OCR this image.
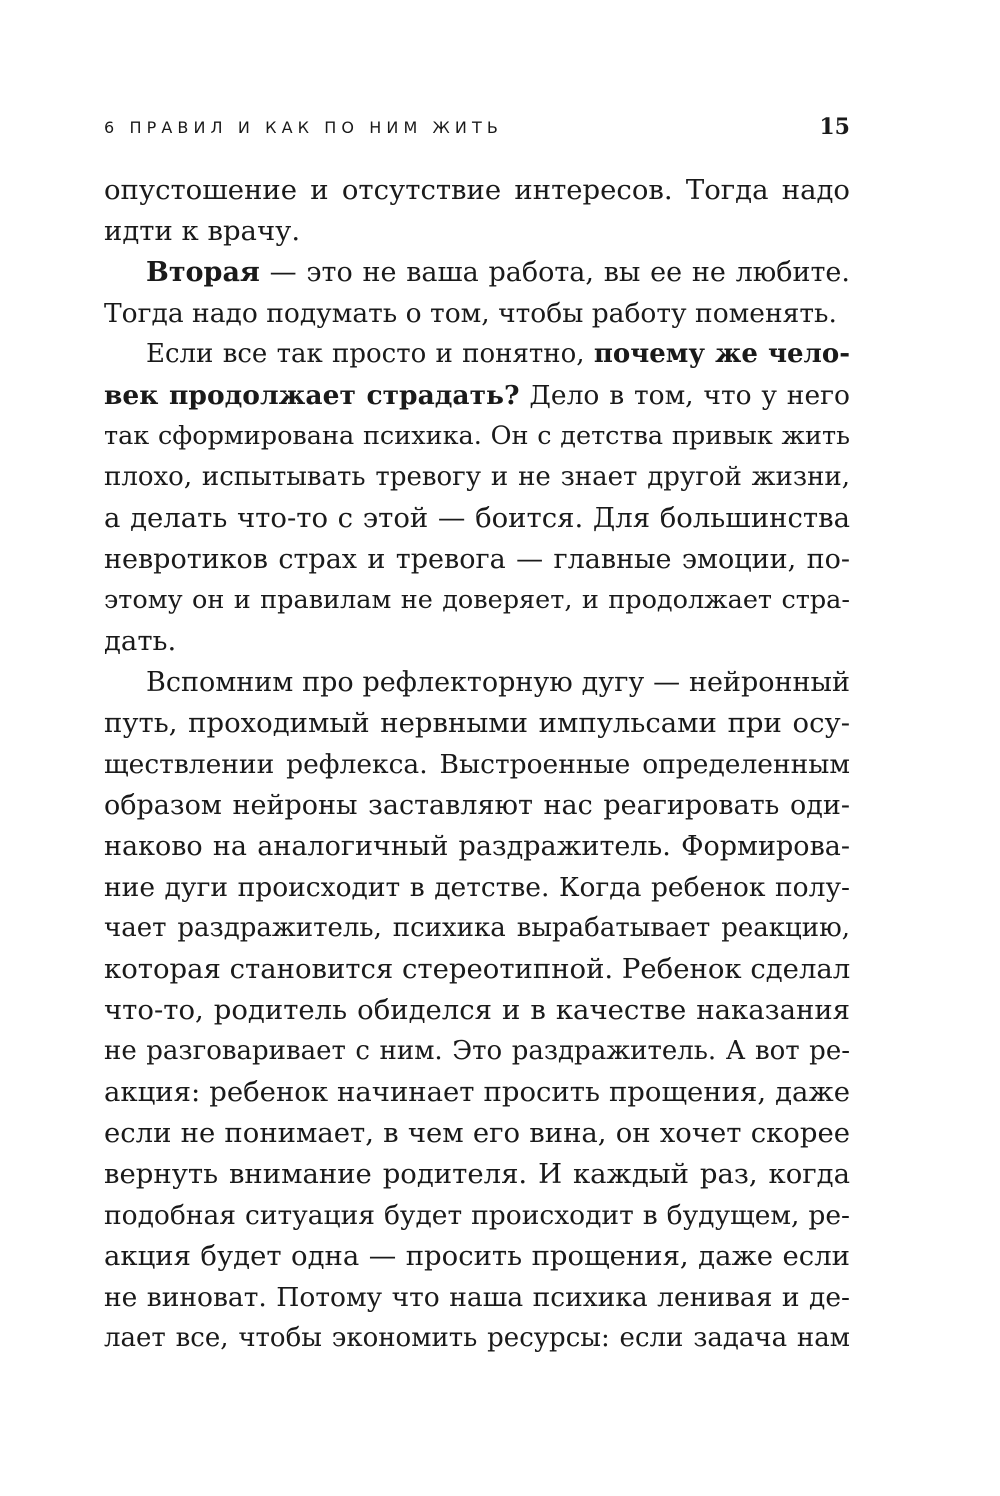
6 ПРАВИЛ И КАК ПО НИМ ЖИТЬ	15
опустошение и отсутствие интересов. Тогда надо
идти к врачу.
Вторая — это не ваша работа, вы ее не любите.
Тогда надо подумать о том, чтобы работу поменять.
Если все так просто и понятно, почему же чело-
век продолжает страдать? Дело в том, что у него
так сформирована психика. Он с детства привык жить
плохо, испытывать тревогу и не знает другой жизни,
а делать что-то с этой — боится. Для большинства
невротиков страх и тревога — главные эмоции, по-
этому он и правилам не доверяет, и продолжает стра-
дать.
Вспомним про рефлекторную дугу — нейронный
путь, проходимый нервными импульсами при осу-
ществлении рефлекса. Выстроенные определенным
образом нейроны заставляют нас реагировать оди-
наково на аналогичный раздражитель. Формирова-
ние дуги происходит в детстве. Когда ребенок полу-
чает раздражитель, психика вырабатывает реакцию,
которая становится стереотипной. Ребенок сделал
что-то, родитель обиделся и в качестве наказания
не разговаривает с ним. Это раздражитель. А вот ре-
акция: ребенок начинает просить прощения, даже
если не понимает, в чем его вина, он хочет скорее
вернуть внимание родителя. И каждый раз, когда
подобная ситуация будет происходит в будущем, ре-
акция будет одна — просить прощения, даже если
не виноват. Потому что наша психика ленивая и де-
лает все, чтобы экономить ресурсы: если задача нам
